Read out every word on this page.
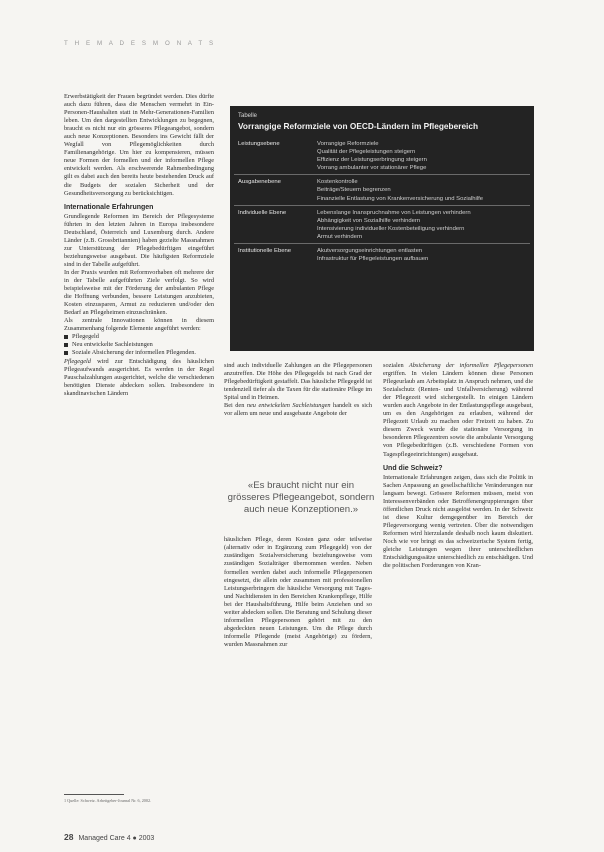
T H E M A D E S M O N A T S

Erwerbstätigkeit der Frauen begründet werden. Dies dürfte auch dazu führen, dass die Menschen vermehrt in Ein-Personen-Haushalten statt in Mehr-Generationen-Familien leben. Um den dargestellten Entwicklungen zu begegnen, braucht es nicht nur ein grösseres Pflegeangebot, sondern auch neue Konzeptionen. Besonders ins Gewicht fällt der Wegfall von Pflegemöglichkeiten durch Familienangehörige. Um hier zu kompensieren, müssen neue Formen der formellen und der informellen Pflege entwickelt werden. Als erschwerende Rahmenbedingung gilt es dabei auch den bereits heute bestehenden Druck auf die Budgets der sozialen Sicherheit und der Gesundheitsversorgung zu berücksichtigen.

Internationale Erfahrungen

Grundlegende Reformen im Bereich der Pflegesysteme führten in den letzten Jahren in Europa insbesondere Deutschland, Österreich und Luxemburg durch. Andere Länder (z.B. Grossbritannien) haben gezielte Massnahmen zur Unterstützung der Pflegebedürftigen eingeführt beziehungsweise ausgebaut. Die häufigsten Reformziele sind in der Tabelle aufgeführt.

In der Praxis wurden mit Reformvorhaben oft mehrere der in der Tabelle aufgeführten Ziele verfolgt. So wird beispielsweise mit der Förderung der ambulanten Pflege die Hoffnung verbunden, bessere Leistungen anzubieten, Kosten einzusparen, Armut zu reduzieren und/oder den Bedarf an Pflegeheimen einzuschränken.

Als zentrale Innovationen können in diesem Zusammenhang folgende Elemente angeführt werden:

Pflegegeld

Neu entwickelte Sachleistungen

Soziale Absicherung der informellen Pflegenden.

Pflegegeld wird zur Entschädigung des häuslichen Pflegeaufwands ausgerichtet. Es werden in der Regel Pauschalzahlungen ausgerichtet, welche die verschiedenen benötigten Dienste abdecken sollen. Insbesondere in skandinavischen Ländern

Tabelle
Vorrangige Reformziele von OECD-Ländern im Pflegebereich
Leistungsebene	Vorrangige Reformziele
Qualität der Pflegeleistungen steigern
Effizienz der Leistungserbringung steigern
Vorrang ambulanter vor stationärer Pflege
Ausgabenebene	Kostenkontrolle
Beiträge/Steuern begrenzen
Finanzielle Entlastung von Krankenversicherung und Sozialhilfe
Individuelle Ebene	Lebenslange Inanspruchnahme von Leistungen verhindern
Abhängigkeit von Sozialhilfe verhindern
Intensivierung individueller Kostenbeteiligung verhindern
Armut verhindern
Institutionelle Ebene	Akutversorgungseinrichtungen entlasten
Infrastruktur für Pflegeleistungen aufbauen

sind auch individuelle Zahlungen an die Pflegepersonen anzutreffen. Die Höhe des Pflegegelds ist nach Grad der Pflegebedürftigkeit gestaffelt. Das häusliche Pflegegeld ist tendenziell tiefer als die Taxen für die stationäre Pflege im Spital und in Heimen.

Bei den neu entwickelten Sachleistungen handelt es sich vor allem um neue und ausgebaute Angebote der

häuslichen Pflege, deren Kosten ganz oder teilweise (alternativ oder in Ergänzung zum Pflegegeld) von der zuständigen Sozialversicherung beziehungsweise vom zuständigen Sozialträger übernommen werden. Neben formellen werden dabei auch informelle Pflegepersonen eingesetzt, die allein oder zusammen mit professionellen Leistungserbringern die häusliche Versorgung mit Tages- und Nachtdiensten in den Bereichen Krankenpflege, Hilfe bei der Haushaltsführung, Hilfe beim Anziehen und so weiter abdecken sollen. Die Beratung und Schulung dieser informellen Pflegepersonen gehört mit zu den abgedeckten neuen Leistungen. Um die Pflege durch informelle Pflegende (meist Angehörige) zu fördern, wurden Massnahmen zur

«Es braucht nicht nur ein grösseres Pflegeangebot, sondern auch neue Konzeptionen.»

sozialen Absicherung der informellen Pflegepersonen ergriffen. In vielen Ländern können diese Personen Pflegeurlaub am Arbeitsplatz in Anspruch nehmen, und die Sozialschutz (Renten- und Unfallversicherung) während der Pflegezeit wird sichergestellt. In einigen Ländern wurden auch Angebote in der Entlastungspflege ausgebaut, um es den Angehörigen zu erlauben, während der Pflegezeit Urlaub zu machen oder Freizeit zu haben. Zu diesem Zweck wurde die stationäre Versorgung in besonderen Pflegezentren sowie die ambulante Versorgung von Pflegebedürftigen (z.B. verschiedene Formen von Tagespflegeeinrichtungen) ausgebaut.

Und die Schweiz?

Internationale Erfahrungen zeigen, dass sich die Politik in Sachen Anpassung an gesellschaftliche Veränderungen nur langsam bewegt. Grössere Reformen müssen, meist von Interessenverbänden oder Betroffenengruppierungen über öffentlichen Druck nicht ausgelöst werden. In der Schweiz ist diese Kultur demgegenüber im Bereich der Pflegeversorgung wenig vertreten. Über die notwendigen Reformen wird hierzulande deshalb noch kaum diskutiert. Noch wie vor bringt es das schweizerische System fertig, gleiche Leistungen wegen ihrer unterschiedlichen Entschädigungssätze unterschiedlich zu entschädigen. Und die politischen Forderungen von Kran-

1 Quelle: Schweiz. Arbeitgeber-Journal Nr. 6, 2002.
28 Managed Care 4 ● 2003
